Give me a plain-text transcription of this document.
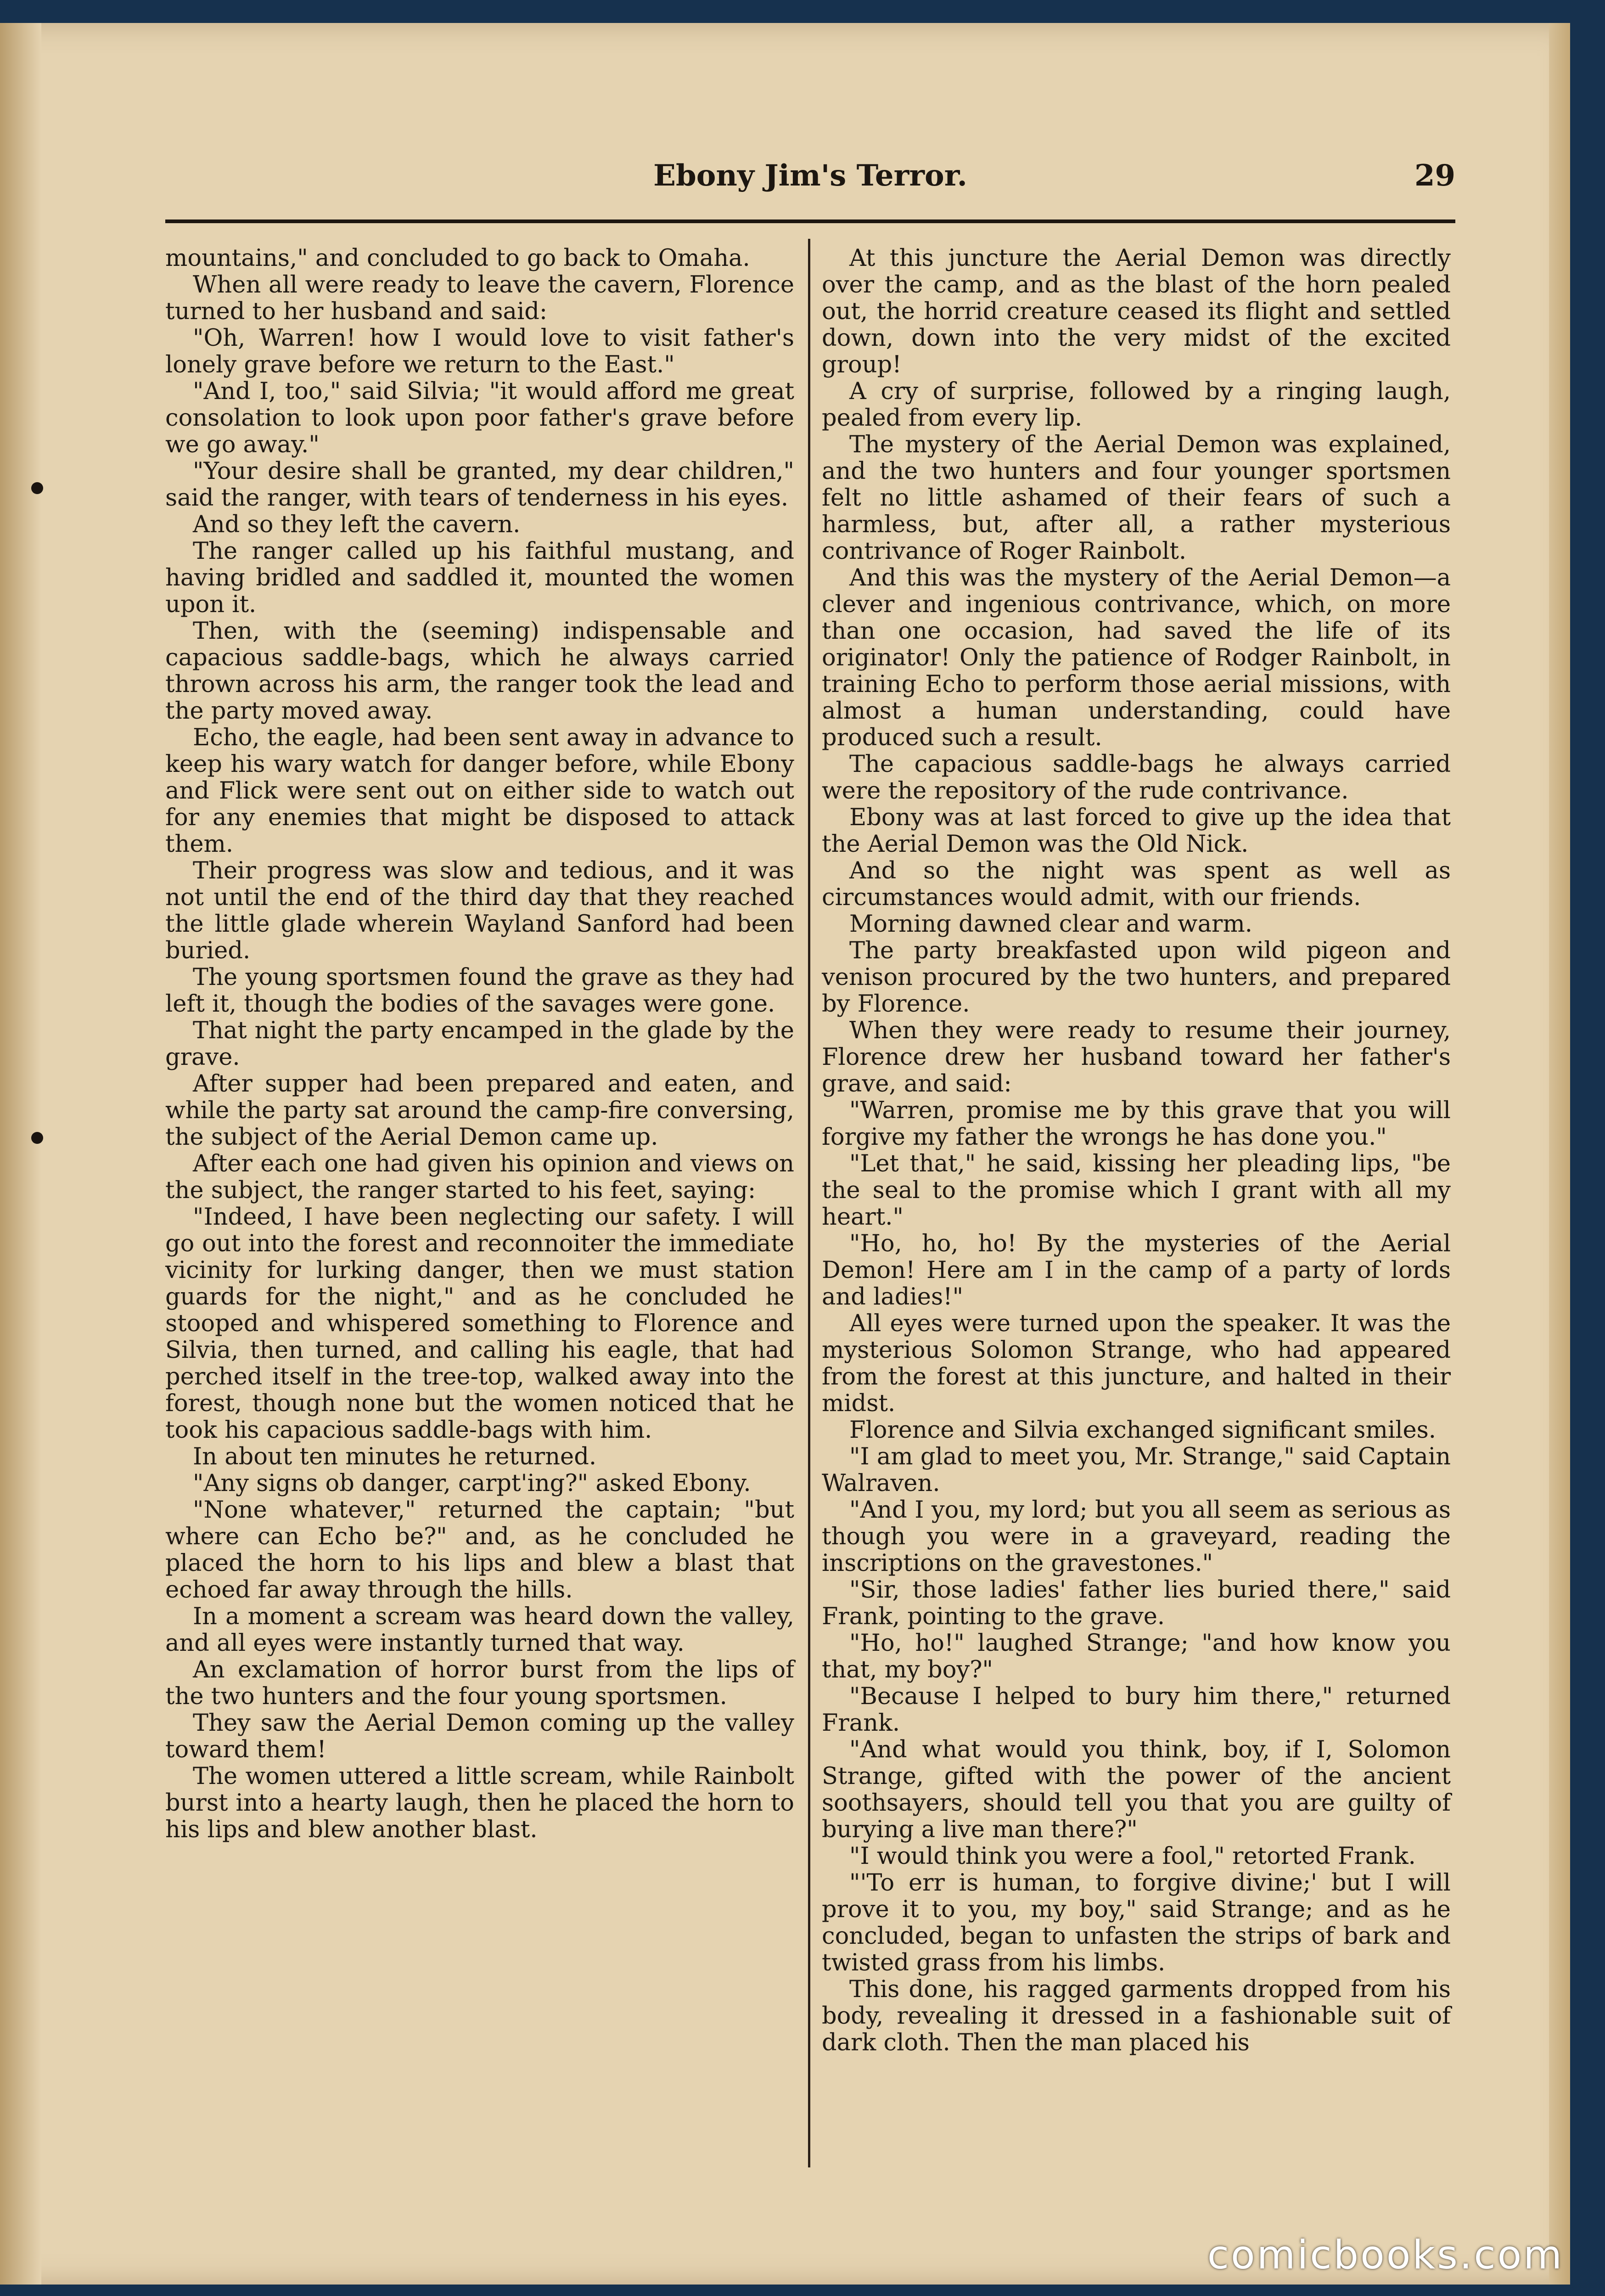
Ebony Jim's Terror.	29

mountains," and concluded to go back to Omaha.

When all were ready to leave the cavern, Florence turned to her husband and said:

"Oh, Warren! how I would love to visit father's lonely grave before we return to the East."

"And I, too," said Silvia; "it would afford me great consolation to look upon poor father's grave before we go away."

"Your desire shall be granted, my dear children," said the ranger, with tears of tenderness in his eyes.

And so they left the cavern.

The ranger called up his faithful mustang, and having bridled and saddled it, mounted the women upon it.

Then, with the (seeming) indispensable and capacious saddle-bags, which he always carried thrown across his arm, the ranger took the lead and the party moved away.

Echo, the eagle, had been sent away in advance to keep his wary watch for danger before, while Ebony and Flick were sent out on either side to watch out for any enemies that might be disposed to attack them.

Their progress was slow and tedious, and it was not until the end of the third day that they reached the little glade wherein Wayland Sanford had been buried.

The young sportsmen found the grave as they had left it, though the bodies of the savages were gone.

That night the party encamped in the glade by the grave.

After supper had been prepared and eaten, and while the party sat around the camp-fire conversing, the subject of the Aerial Demon came up.

After each one had given his opinion and views on the subject, the ranger started to his feet, saying:

"Indeed, I have been neglecting our safety. I will go out into the forest and reconnoiter the immediate vicinity for lurking danger, then we must station guards for the night," and as he concluded he stooped and whispered something to Florence and Silvia, then turned, and calling his eagle, that had perched itself in the tree-top, walked away into the forest, though none but the women noticed that he took his capacious saddle-bags with him.

In about ten minutes he returned.

"Any signs ob danger, carpt'ing?" asked Ebony.

"None whatever," returned the captain; "but where can Echo be?" and, as he concluded he placed the horn to his lips and blew a blast that echoed far away through the hills.

In a moment a scream was heard down the valley, and all eyes were instantly turned that way.

An exclamation of horror burst from the lips of the two hunters and the four young sportsmen.

They saw the Aerial Demon coming up the valley toward them!

The women uttered a little scream, while Rainbolt burst into a hearty laugh, then he placed the horn to his lips and blew another blast.

At this juncture the Aerial Demon was directly over the camp, and as the blast of the horn pealed out, the horrid creature ceased its flight and settled down, down into the very midst of the excited group!

A cry of surprise, followed by a ringing laugh, pealed from every lip.

The mystery of the Aerial Demon was explained, and the two hunters and four younger sportsmen felt no little ashamed of their fears of such a harmless, but, after all, a rather mysterious contrivance of Roger Rainbolt.

And this was the mystery of the Aerial Demon—a clever and ingenious contrivance, which, on more than one occasion, had saved the life of its originator! Only the patience of Rodger Rainbolt, in training Echo to perform those aerial missions, with almost a human understanding, could have produced such a result.

The capacious saddle-bags he always carried were the repository of the rude contrivance.

Ebony was at last forced to give up the idea that the Aerial Demon was the Old Nick.

And so the night was spent as well as circumstances would admit, with our friends.

Morning dawned clear and warm.

The party breakfasted upon wild pigeon and venison procured by the two hunters, and prepared by Florence.

When they were ready to resume their journey, Florence drew her husband toward her father's grave, and said:

"Warren, promise me by this grave that you will forgive my father the wrongs he has done you."

"Let that," he said, kissing her pleading lips, "be the seal to the promise which I grant with all my heart."

"Ho, ho, ho! By the mysteries of the Aerial Demon! Here am I in the camp of a party of lords and ladies!"

All eyes were turned upon the speaker. It was the mysterious Solomon Strange, who had appeared from the forest at this juncture, and halted in their midst.

Florence and Silvia exchanged significant smiles.

"I am glad to meet you, Mr. Strange," said Captain Walraven.

"And I you, my lord; but you all seem as serious as though you were in a graveyard, reading the inscriptions on the gravestones."

"Sir, those ladies' father lies buried there," said Frank, pointing to the grave.

"Ho, ho!" laughed Strange; "and how know you that, my boy?"

"Because I helped to bury him there," returned Frank.

"And what would you think, boy, if I, Solomon Strange, gifted with the power of the ancient soothsayers, should tell you that you are guilty of burying a live man there?"

"I would think you were a fool," retorted Frank.

"'To err is human, to forgive divine;' but I will prove it to you, my boy," said Strange; and as he concluded, began to unfasten the strips of bark and twisted grass from his limbs.

This done, his ragged garments dropped from his body, revealing it dressed in a fashionable suit of dark cloth. Then the man placed his

comicbooks.com
